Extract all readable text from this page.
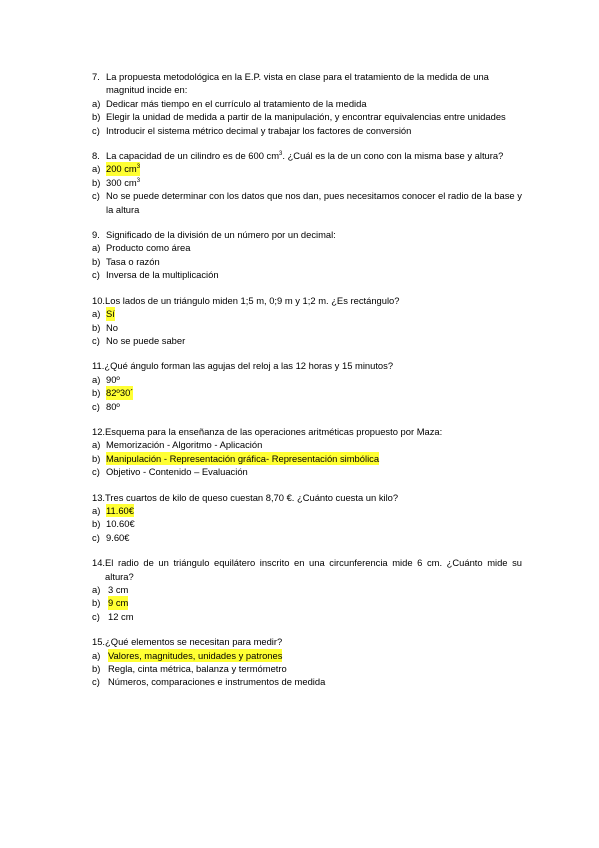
7. La propuesta metodológica en la E.P. vista en clase para el tratamiento de la medida de una magnitud incide en:
a) Dedicar más tiempo en el currículo al tratamiento de la medida
b) Elegir la unidad de medida a partir de la manipulación, y encontrar equivalencias entre unidades
c) Introducir el sistema métrico decimal y trabajar los factores de conversión
8. La capacidad de un cilindro es de 600 $cm^3$. ¿Cuál es la de un cono con la misma base y altura?
a) 200 $cm^3$
b) 300 $cm^3$
c) No se puede determinar con los datos que nos dan, pues necesitamos conocer el radio de la base y la altura
9. Significado de la división de un número por un decimal:
a) Producto como área
b) Tasa o razón
c) Inversa de la multiplicación
10. Los lados de un triángulo miden 1;5 m, 0;9 m y 1;2 m. ¿Es rectángulo?
a) Sí
b) No
c) No se puede saber
11. ¿Qué ángulo forman las agujas del reloj a las 12 horas y 15 minutos?
a) 90º
b) 82º30´
c) 80º
12. Esquema para la enseñanza de las operaciones aritméticas propuesto por Maza:
a) Memorización - Algoritmo - Aplicación
b) Manipulación - Representación gráfica- Representación simbólica
c) Objetivo - Contenido – Evaluación
13. Tres cuartos de kilo de queso cuestan 8,70 €. ¿Cuánto cuesta un kilo?
a) 11.60€
b) 10.60€
c) 9.60€
14. El radio de un triángulo equilátero inscrito en una circunferencia mide 6 cm. ¿Cuánto mide su altura?
a) 3 cm
b) 9 cm
c) 12 cm
15. ¿Qué elementos se necesitan para medir?
a) Valores, magnitudes, unidades y patrones
b) Regla, cinta métrica, balanza y termómetro
c) Números, comparaciones e instrumentos de medida
